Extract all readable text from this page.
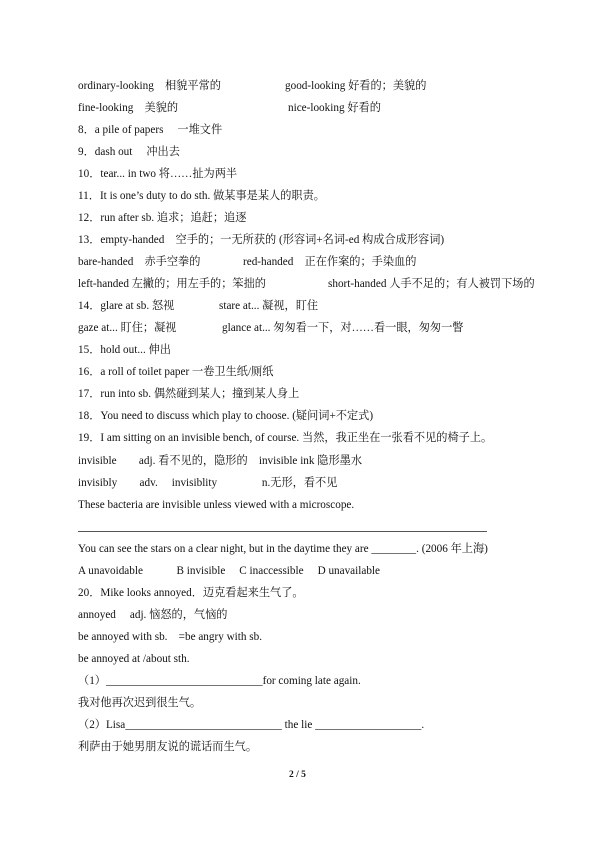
ordinary-looking　相貌平常的	good-looking 好看的；美貌的
fine-looking　美貌的	nice-looking 好看的
8．a pile of papers　 一堆文件
9．dash out　 冲出去
10．tear... in two 将……扯为两半
11．It is one’s duty to do sth. 做某事是某人的职责。
12．run after sb. 追求；追赶；追逐
13．empty-handed　空手的；一无所获的 (形容词+名词-ed 构成合成形容词)
bare-handed　赤手空拳的	red-handed　正在作案的；手染血的
left-handed 左撇的；用左手的；笨拙的	short-handed 人手不足的；有人被罚下场的
14．glare at sb. 怒视	stare at... 凝视，盯住
gaze at... 盯住；凝视	glance at... 匆匆看一下，对……看一眼，匆匆一瞥
15．hold out... 伸出
16．a roll of toilet paper 一卷卫生纸/厕纸
17．run into sb. 偶然碰到某人；撞到某人身上
18．You need to discuss which play to choose. (疑问词+不定式)
19．I am sitting on an invisible bench, of course. 当然，我正坐在一张看不见的椅子上。
invisible　　adj. 看不见的，隐形的　invisible ink 隐形墨水
invisibly　　adv.　 invisiblity　　　　n.无形，看不见
These bacteria are invisible unless viewed with a microscope.
You can see the stars on a clear night, but in the daytime they are ________. (2006 年上海)
A unavoidable　　　B invisible　 C inaccessible　 D unavailable
20．Mike looks annoyed．迈克看起来生气了。
annoyed　 adj. 恼怒的，气恼的
be annoyed with sb.　=be angry with sb.
be annoyed at /about sth.
（1）____________________________for coming late again.
我对他再次迟到很生气。
（2）Lisa____________________________ the lie ___________________.
利萨由于她男朋友说的谎话而生气。
2 / 5
